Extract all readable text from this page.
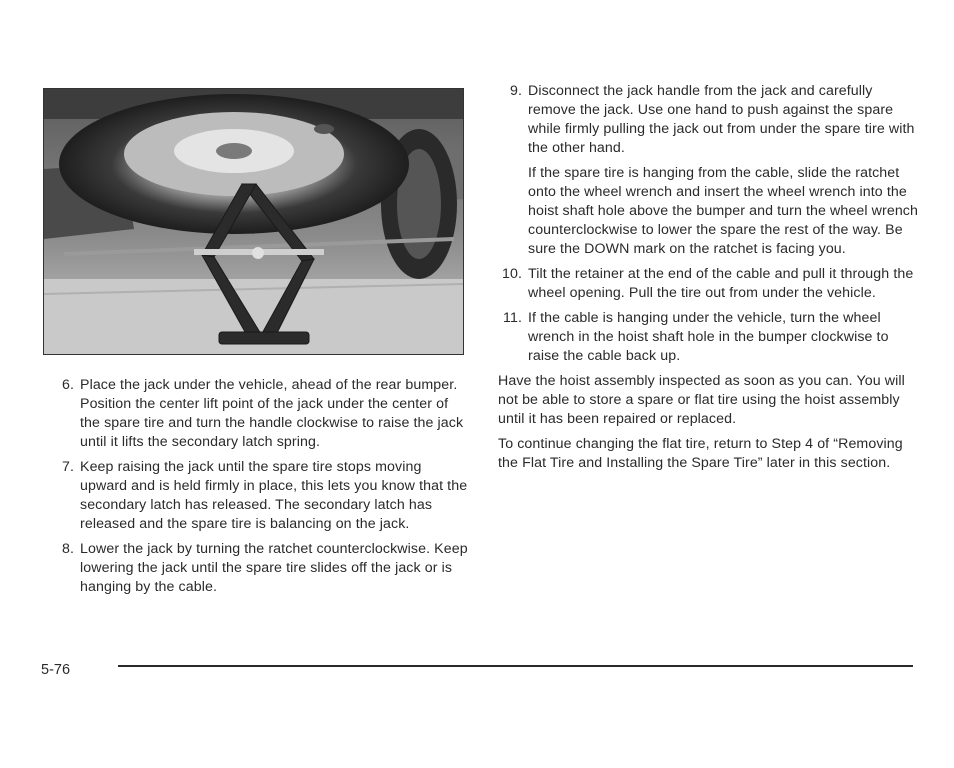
6. Place the jack under the vehicle, ahead of the rear bumper. Position the center lift point of the jack under the center of the spare tire and turn the handle clockwise to raise the jack until it lifts the secondary latch spring.
7. Keep raising the jack until the spare tire stops moving upward and is held firmly in place, this lets you know that the secondary latch has released. The secondary latch has released and the spare tire is balancing on the jack.
8. Lower the jack by turning the ratchet counterclockwise. Keep lowering the jack until the spare tire slides off the jack or is hanging by the cable.
9. Disconnect the jack handle from the jack and carefully remove the jack. Use one hand to push against the spare while firmly pulling the jack out from under the spare tire with the other hand.

If the spare tire is hanging from the cable, slide the ratchet onto the wheel wrench and insert the wheel wrench into the hoist shaft hole above the bumper and turn the wheel wrench counterclockwise to lower the spare the rest of the way. Be sure the DOWN mark on the ratchet is facing you.

10. Tilt the retainer at the end of the cable and pull it through the wheel opening. Pull the tire out from under the vehicle.
11. If the cable is hanging under the vehicle, turn the wheel wrench in the hoist shaft hole in the bumper clockwise to raise the cable back up.

Have the hoist assembly inspected as soon as you can. You will not be able to store a spare or flat tire using the hoist assembly until it has been repaired or replaced.

To continue changing the flat tire, return to Step 4 of “Removing the Flat Tire and Installing the Spare Tire” later in this section.

5-76
